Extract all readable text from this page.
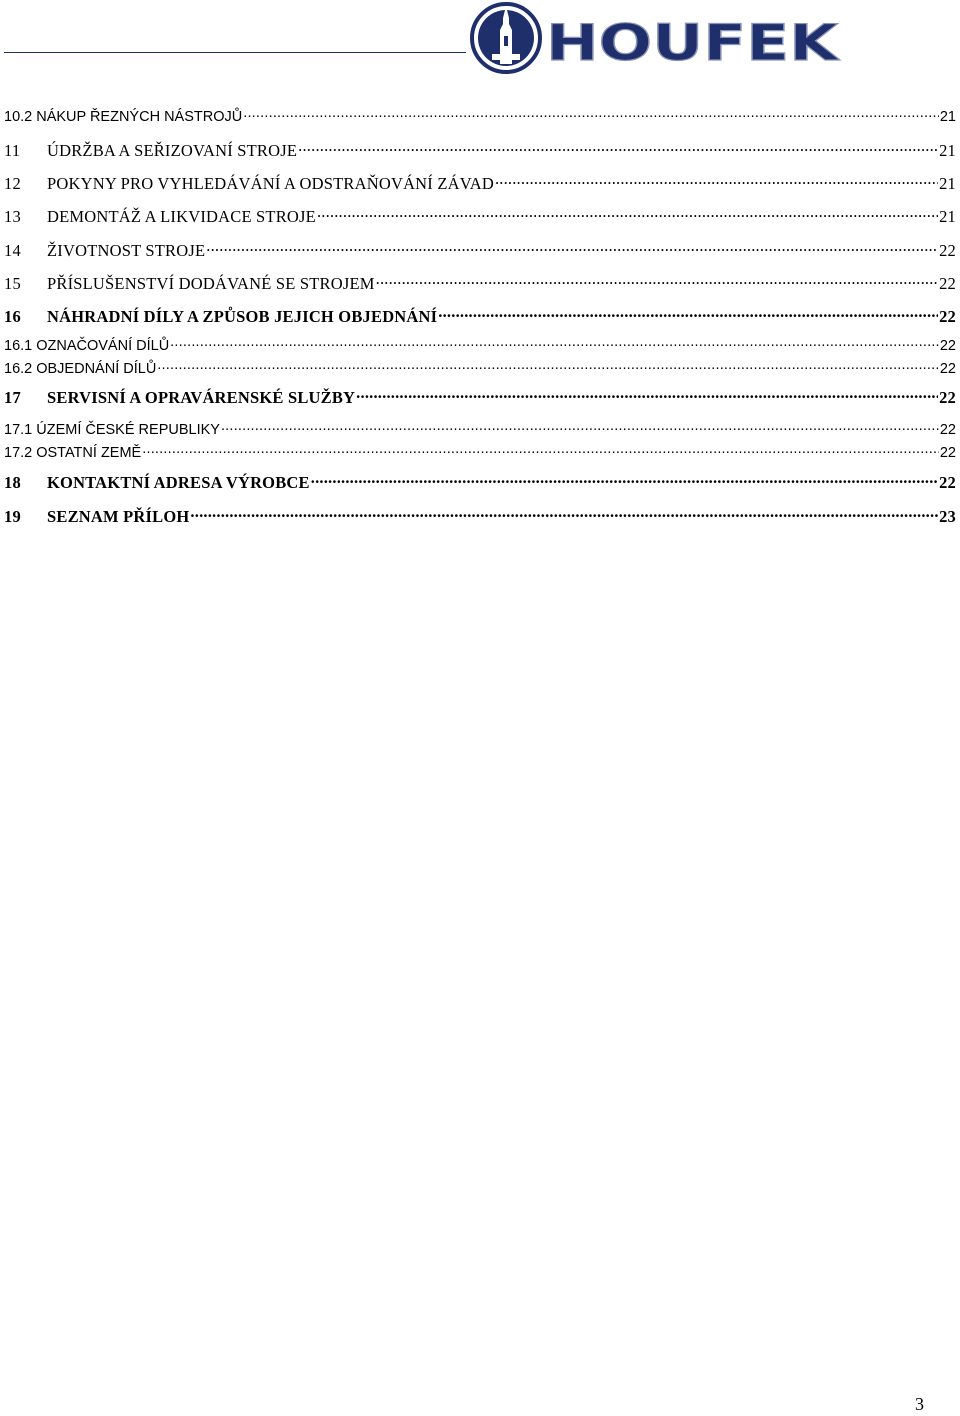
HOUFEK
10.2 NÁKUP ŘEZNÝCH NÁSTROJŮ .....	21
11	ÚDRŽBA A SEŘIZOVANÍ STROJE .....	21
12	POKYNY PRO VYHLEDÁVÁNÍ A ODSTRAŇOVÁNÍ ZÁVAD .....	21
13	DEMONTÁŽ A LIKVIDACE STROJE .....	21
14	ŽIVOTNOST STROJE .....	22
15	PŘÍSLUŠENSTVÍ DODÁVANÉ SE STROJEM .....	22
16	NÁHRADNÍ DÍLY A ZPŮSOB JEJICH OBJEDNÁNÍ .....	22
16.1 OZNAČOVÁNÍ DÍLŮ .....	22
16.2 OBJEDNÁNÍ DÍLŮ .....	22
17	SERVISNÍ A OPRAVÁRENSKÉ SLUŽBY .....	22
17.1 ÚZEMÍ ČESKÉ REPUBLIKY .....	22
17.2 OSTATNÍ ZEMĚ .....	22
18	KONTAKTNÍ ADRESA VÝROBCE .....	22
19	SEZNAM PŘÍLOH .....	23
3
